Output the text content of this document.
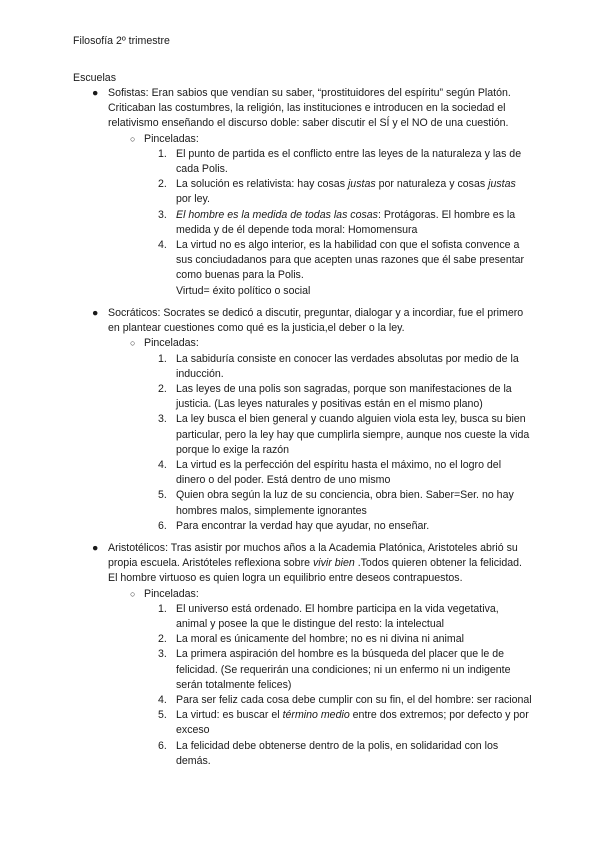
Filosofía 2º trimestre
Escuelas
● Sofistas: Eran sabios que vendían su saber, “prostituidores del espíritu” según Platón. Criticaban las costumbres, la religión, las instituciones e introducen en la sociedad el relativismo enseñando el discurso doble: saber discutir el SÍ y el NO de una cuestión.
○ Pinceladas:
1. El punto de partida es el conflicto entre las leyes de la naturaleza y las de cada Polis.
2. La solución es relativista: hay cosas justas por naturaleza y cosas justas por ley.
3. El hombre es la medida de todas las cosas: Protágoras. El hombre es la medida y de él depende toda moral: Homomensura
4. La virtud no es algo interior, es la habilidad con que el sofista convence a sus conciudadanos para que acepten unas razones que él sabe presentar como buenas para la Polis.
Virtud= éxito político o social
● Socráticos: Socrates se dedicó a discutir, preguntar, dialogar y a incordiar, fue el primero en plantear cuestiones como qué es la justicia,el deber o la ley.
○ Pinceladas:
1. La sabiduría consiste en conocer las verdades absolutas por medio de la inducción.
2. Las leyes de una polis son sagradas, porque son manifestaciones de la justicia. (Las leyes naturales y positivas están en el mismo plano)
3. La ley busca el bien general y cuando alguien viola esta ley, busca su bien particular, pero la ley hay que cumplirla siempre, aunque nos cueste la vida porque lo exige la razón
4. La virtud es la perfección del espíritu hasta el máximo, no el logro del dinero o del poder. Está dentro de uno mismo
5. Quien obra según la luz de su conciencia, obra bien. Saber=Ser. no hay hombres malos, simplemente ignorantes
6. Para encontrar la verdad hay que ayudar, no enseñar.
● Aristotélicos: Tras asistir por muchos años a la Academia Platónica, Aristoteles abrió su propia escuela. Aristóteles reflexiona sobre vivir bien .Todos quieren obtener la felicidad. El hombre virtuoso es quien logra un equilibrio entre deseos contrapuestos.
○ Pinceladas:
1. El universo está ordenado. El hombre participa en la vida vegetativa, animal y posee la que le distingue del resto: la intelectual
2. La moral es únicamente del hombre; no es ni divina ni animal
3. La primera aspiración del hombre es la búsqueda del placer que le de felicidad. (Se requerirán una condiciones; ni un enfermo ni un indigente serán totalmente felices)
4. Para ser feliz cada cosa debe cumplir con su fin, el del hombre: ser racional
5. La virtud: es buscar el término medio entre dos extremos; por defecto y por exceso
6. La felicidad debe obtenerse dentro de la polis, en solidaridad con los demás.
